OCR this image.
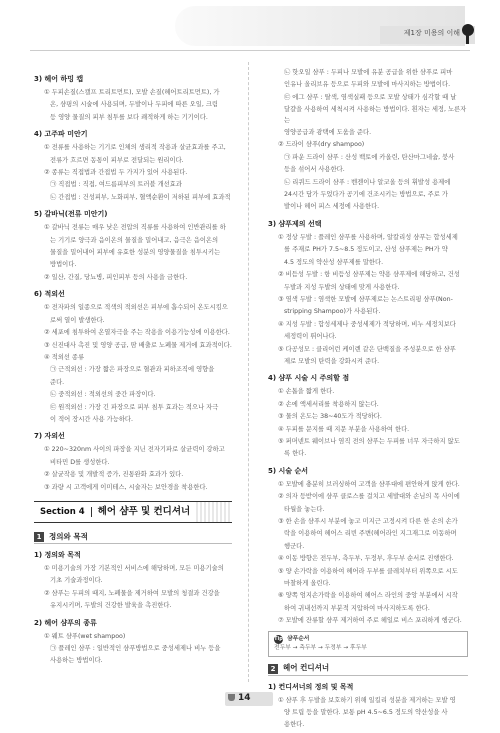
제1장 미용의 이해
3) 헤어 하밍 캡

① 두피손질(스캘프 트리트먼트), 모발 손질(헤어트리트먼트), 가

온, 샴핑의 시술에 사용되며, 두발이나 두피에 따른 오일, 크림

등 영양 물질의 피부 침투를 보다 쾌적하게 하는 기기이다.

4) 고주파 미안기

① 전류를 사용하는 기기로 인체의 생리적 작용과 살균효과를 주고,

전류가 흐르면 동통이 피부로 전달되는 원리이다.

② 종류는 직접법과 간접법 두 가지가 있어 사용된다.

㉠ 직접법 : 직접, 여드름피부의 트러블 개선효과

㉡ 간접법 : 건성피부, 노화피부, 혈액순환이 저하된 피부에 효과적

5) 갈바닉(전류 미안기)

① 갈바닉 전류는 매우 낮은 전압의 직류를 사용하여 인반관리를 하

는 기기로 양극과 음이온의 물질을 밀어내고, 음극은 음이온의

물질을 밀어내어 피부에 유효한 성분의 영양물질을 침투시키는

방법이다.

② 일산, 간질, 당뇨병, 피인피부 등의 사용을 금한다.

6) 적외선

① 전자파의 일종으로 적색의 적외선은 피부에 흡수되어 온도시킴으

로써 열이 발생한다.

② 세포에 침투하여 온열자극을 주는 작용을 이용기능성에 이용한다.

③ 신진대사 촉진 및 영양 공급, 땀 배출로 노폐물 제거에 효과적이다.

④ 적외선 종류

㉠ 근적외선 : 가장 짧은 파장으로 혈관과 피하조직에 영향을

준다.

㉡ 중적외선 : 적외선의 중간 파장이다.

㉢ 원적외선 : 가장 긴 파장으로 피부 침투 효과는 적으나 자극

이 적어 장시간 사용 가능하다.

7) 자외선

① 220~320nm 사이의 파장을 지닌 전자기파로 살균력이 강하고

비타민 D를 생성한다.

② 살균작용 및 개발적 증가, 진통완화 효과가 있다.

③ 과량 시 고객에게 이미테스, 시술자는 보안경을 착용한다.

Section 4	헤어 샴푸 및 컨디셔너
1	정의와 목적
1) 정의와 목적

① 미용기술의 가장 기본적인 서비스에 해당하며, 모든 미용기술의

기초 기술과정이다.

② 샴푸는 두피의 때지, 노폐물을 제거하여 모발의 청결과 건강을

유지시키며, 두발의 건강한 발육을 촉진한다.

2) 헤어 샴푸의 종류

① 웨트 샴푸(wet shampoo)

㉠ 플레인 샴푸 : 일반적인 샴푸방법으로 중성세제나 비누 등을

사용하는 방법이다.

㉡ 핫오일 샴푸 : 두피나 모발에 유분 공급을 위한 샴푸로 피마

인유나 올리브유 등으로 두피와 모발에 마사지하는 방법이다.

㉢ 에그 샴푸 : 탈색, 염색실패 등으로 모발 상태가 심각할 때 날

달걀을 사용하여 세척시켜 사용하는 방법이다. 흰자는 세정, 노른자는

영양공급과 광택에 도움을 준다.

② 드라이 샴푸(dry shampoo)

㉠ 파운 드라이 샴푸 : 산성 백토에 카올린, 탄산마그네슘, 붕사

등을 섞어서 사용한다.

㉡ 리퀴드 드라이 샴푸 : 벤젠이나 알코올 등의 휘발성 용제에

24시간 담가 두었다가 공기에 건조시키는 방법으로, 주로 가

발이나 헤어 피스 세정에 사용한다.

3) 샴푸제의 선택

① 정상 두발 : 플레인 샴푸를 사용하며, 알칼리성 샴푸는 합성세제

를 주재로 PH가 7.5~8.5 정도이고, 산성 샴푸제는 PH가 약

4.5 정도의 약산성 샴푸제를 말한다.

② 비듬성 두발 : 항 비듬성 샴푸제는 약용 샴푸제에 해당하고, 건성

두발과 지성 두발의 상태에 맞게 사용한다.

③ 염색 두발 : 염색한 모발에 샴푸제로는 논스트리핑 샴푸(Non-

stripping Shampoo)가 사용된다.

④ 지성 두발 : 합성세제나 중성세제가 적당하며, 비누 세정치보다

세정력이 뛰어나다.

⑤ 다공성모 : 클리어런 케이렌 같은 단백질을 주성분으로 한 샴푸

제로 모발의 탄력을 강화시켜 준다.

4) 샴푸 시술 시 주의할 점

① 손톱을 짧게 한다.

② 손에 액세서리를 착용하지 않는다.

③ 물의 온도는 38~40도가 적당하다.

④ 두피를 문지를 때 지문 부분을 사용하여 한다.

⑤ 퍼머넨트 웨이브나 염직 전의 샴푸는 두피를 너무 자극하지 않도

록 한다.

5) 시술 순서

① 모발에 충분히 브러싱하여 고객을 샴푸대에 편안하게 앉게 한다.

② 의자 등받이에 샴푸 클로스를 걸치고 세발대와 손님의 목 사이에

타월을 놓는다.

③ 한 손을 샴푸시 부분에 놓고 미지근 고정시켜 다른 한 손의 손가

락을 이용하여 헤어스 리빈 주변(헤어라인 지그재그로 이동하며

헹군다.

④ 이동 방향은 전두부, 측두부, 두정부, 후두부 순서로 진행한다.

⑤ 양 손가락을 이용하여 헤어라 두부를 클레치부터 위쪽으로 시도

마찰하게 올린다.

⑥ 양쪽 엄지손가락을 이용하여 헤어스 라인의 중앙 부분에서 시작

하여 귀내선까지 부분적 지압하여 마사지하도록 한다.

⑦ 모발에 잔류할 샴푸 제거하여 주로 헤일로 비스 포리하게 헹군다.

Tip 샴푸순서
전두부 → 측두부 → 두정부 → 후두부
2	헤어 컨디셔너
1) 컨디셔너의 정의 및 목적

① 샴푸 후 두발을 보호하기 위해 일킬리 성분을 제거하는 모발 영

양 트립 등을 말한다. 보통 pH 4.5~6.5 정도의 약산성을 사

용한다.

14
